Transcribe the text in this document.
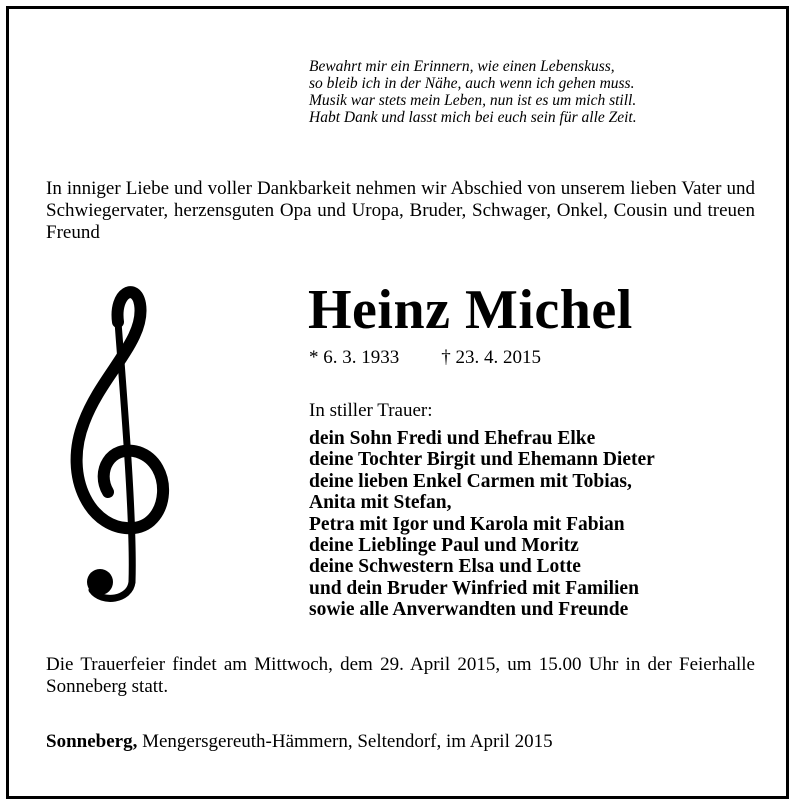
Bewahrt mir ein Erinnern, wie einen Lebenskuss,
so bleib ich in der Nähe, auch wenn ich gehen muss.
Musik war stets mein Leben, nun ist es um mich still.
Habt Dank und lasst mich bei euch sein für alle Zeit.
In inniger Liebe und voller Dankbarkeit nehmen wir Abschied von unserem lieben Vater und Schwiegervater, herzensguten Opa und Uropa, Bruder, Schwager, Onkel, Cousin und treuen Freund
Heinz Michel
* 6. 3. 1933 † 23. 4. 2015
In stiller Trauer:
dein Sohn Fredi und Ehefrau Elke
deine Tochter Birgit und Ehemann Dieter
deine lieben Enkel Carmen mit Tobias,
Anita mit Stefan,
Petra mit Igor und Karola mit Fabian
deine Lieblinge Paul und Moritz
deine Schwestern Elsa und Lotte
und dein Bruder Winfried mit Familien
sowie alle Anverwandten und Freunde
Die Trauerfeier findet am Mittwoch, dem 29. April 2015, um 15.00 Uhr in der Feierhalle Sonneberg statt.
Sonneberg, Mengersgereuth-Hämmern, Seltendorf, im April 2015
